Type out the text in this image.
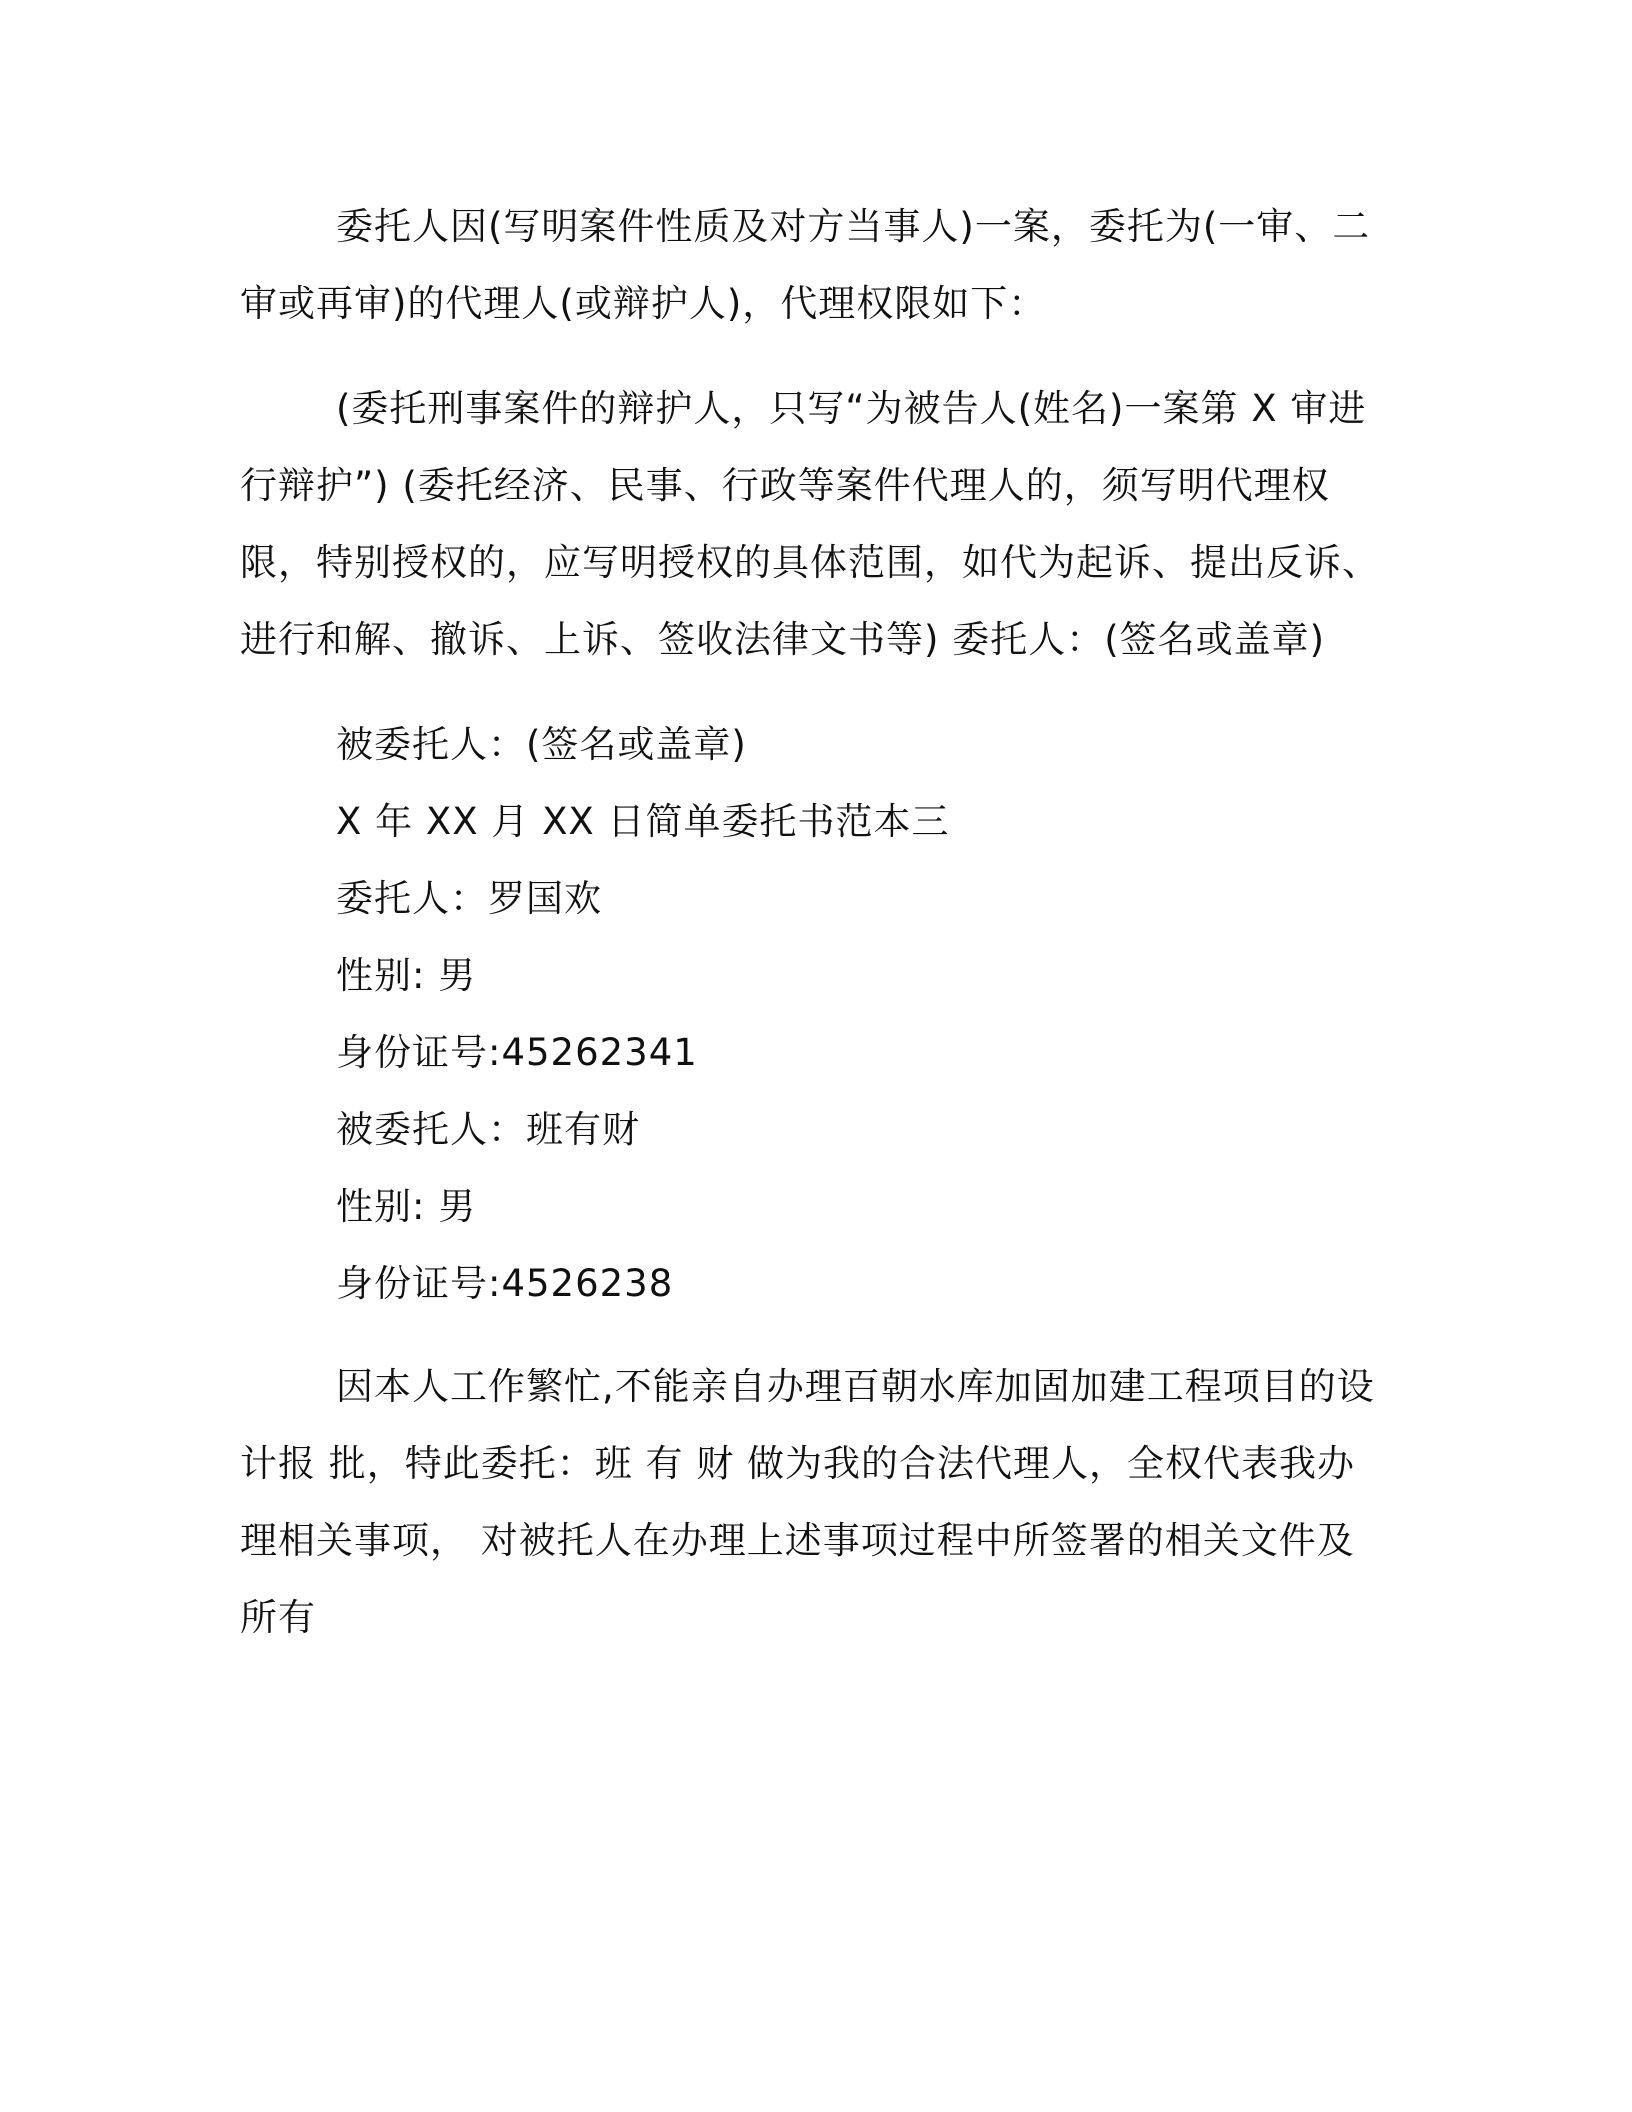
委托人因(写明案件性质及对方当事人)一案，委托为(一审、二审或再审)的代理人(或辩护人)，代理权限如下：

(委托刑事案件的辩护人，只写“为被告人(姓名)一案第 X 审进行辩护”) (委托经济、民事、行政等案件代理人的，须写明代理权限，特别授权的，应写明授权的具体范围，如代为起诉、提出反诉、进行和解、撤诉、上诉、签收法律文书等) 委托人：(签名或盖章)

被委托人：(签名或盖章)

X 年 XX 月 XX 日简单委托书范本三

委托人：罗国欢

性别: 男

身份证号:45262341

被委托人：班有财

性别: 男

身份证号:4526238

因本人工作繁忙,不能亲自办理百朝水库加固加建工程项目的设计报 批，特此委托：班 有 财 做为我的合法代理人，全权代表我办理相关事项， 对被托人在办理上述事项过程中所签署的相关文件及所有
